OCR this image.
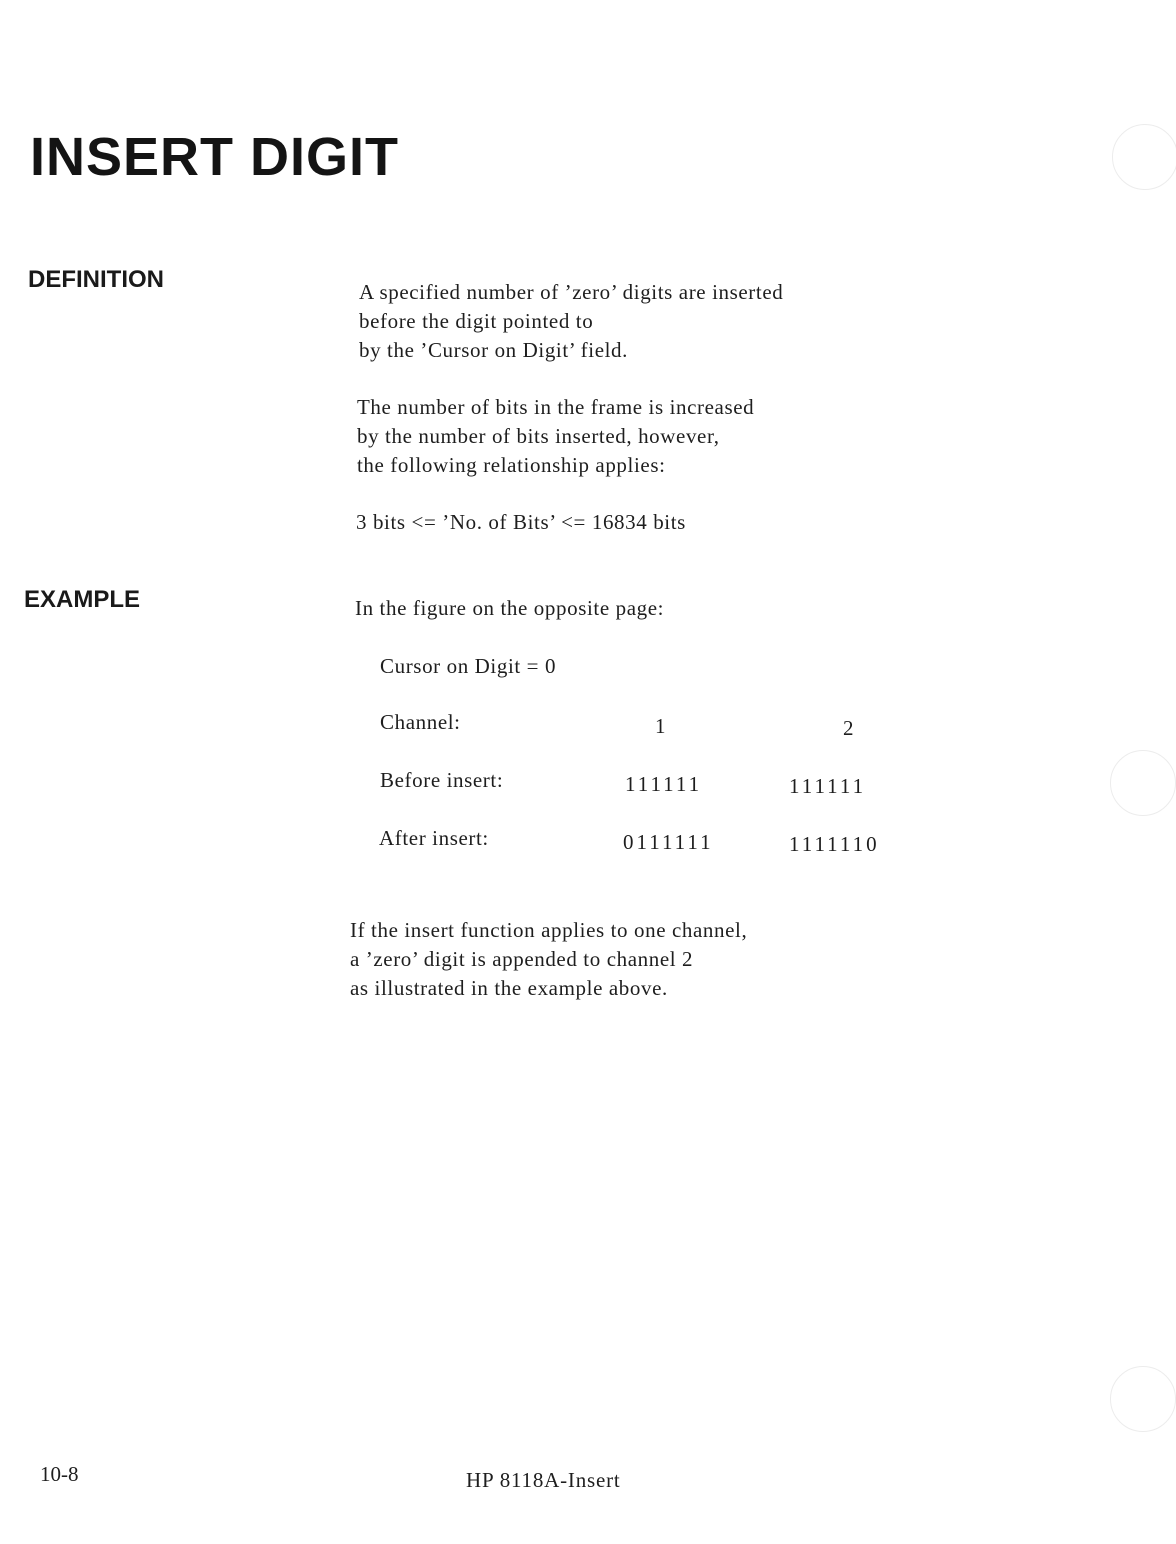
INSERT DIGIT
DEFINITION	A specified number of ’zero’ digits are inserted
before the digit pointed to
by the ’Cursor on Digit’ field.

The number of bits in the frame is increased
by the number of bits inserted, however,
the following relationship applies:

3 bits <= ’No. of Bits’ <= 16834 bits

EXAMPLE	In the figure on the opposite page:

Cursor on Digit = 0

Channel:	1	2
Before insert:	111111	111111
After insert:	0111111	1111110

If the insert function applies to one channel,
a ’zero’ digit is appended to channel 2
as illustrated in the example above.

10-8	HP 8118A-Insert
